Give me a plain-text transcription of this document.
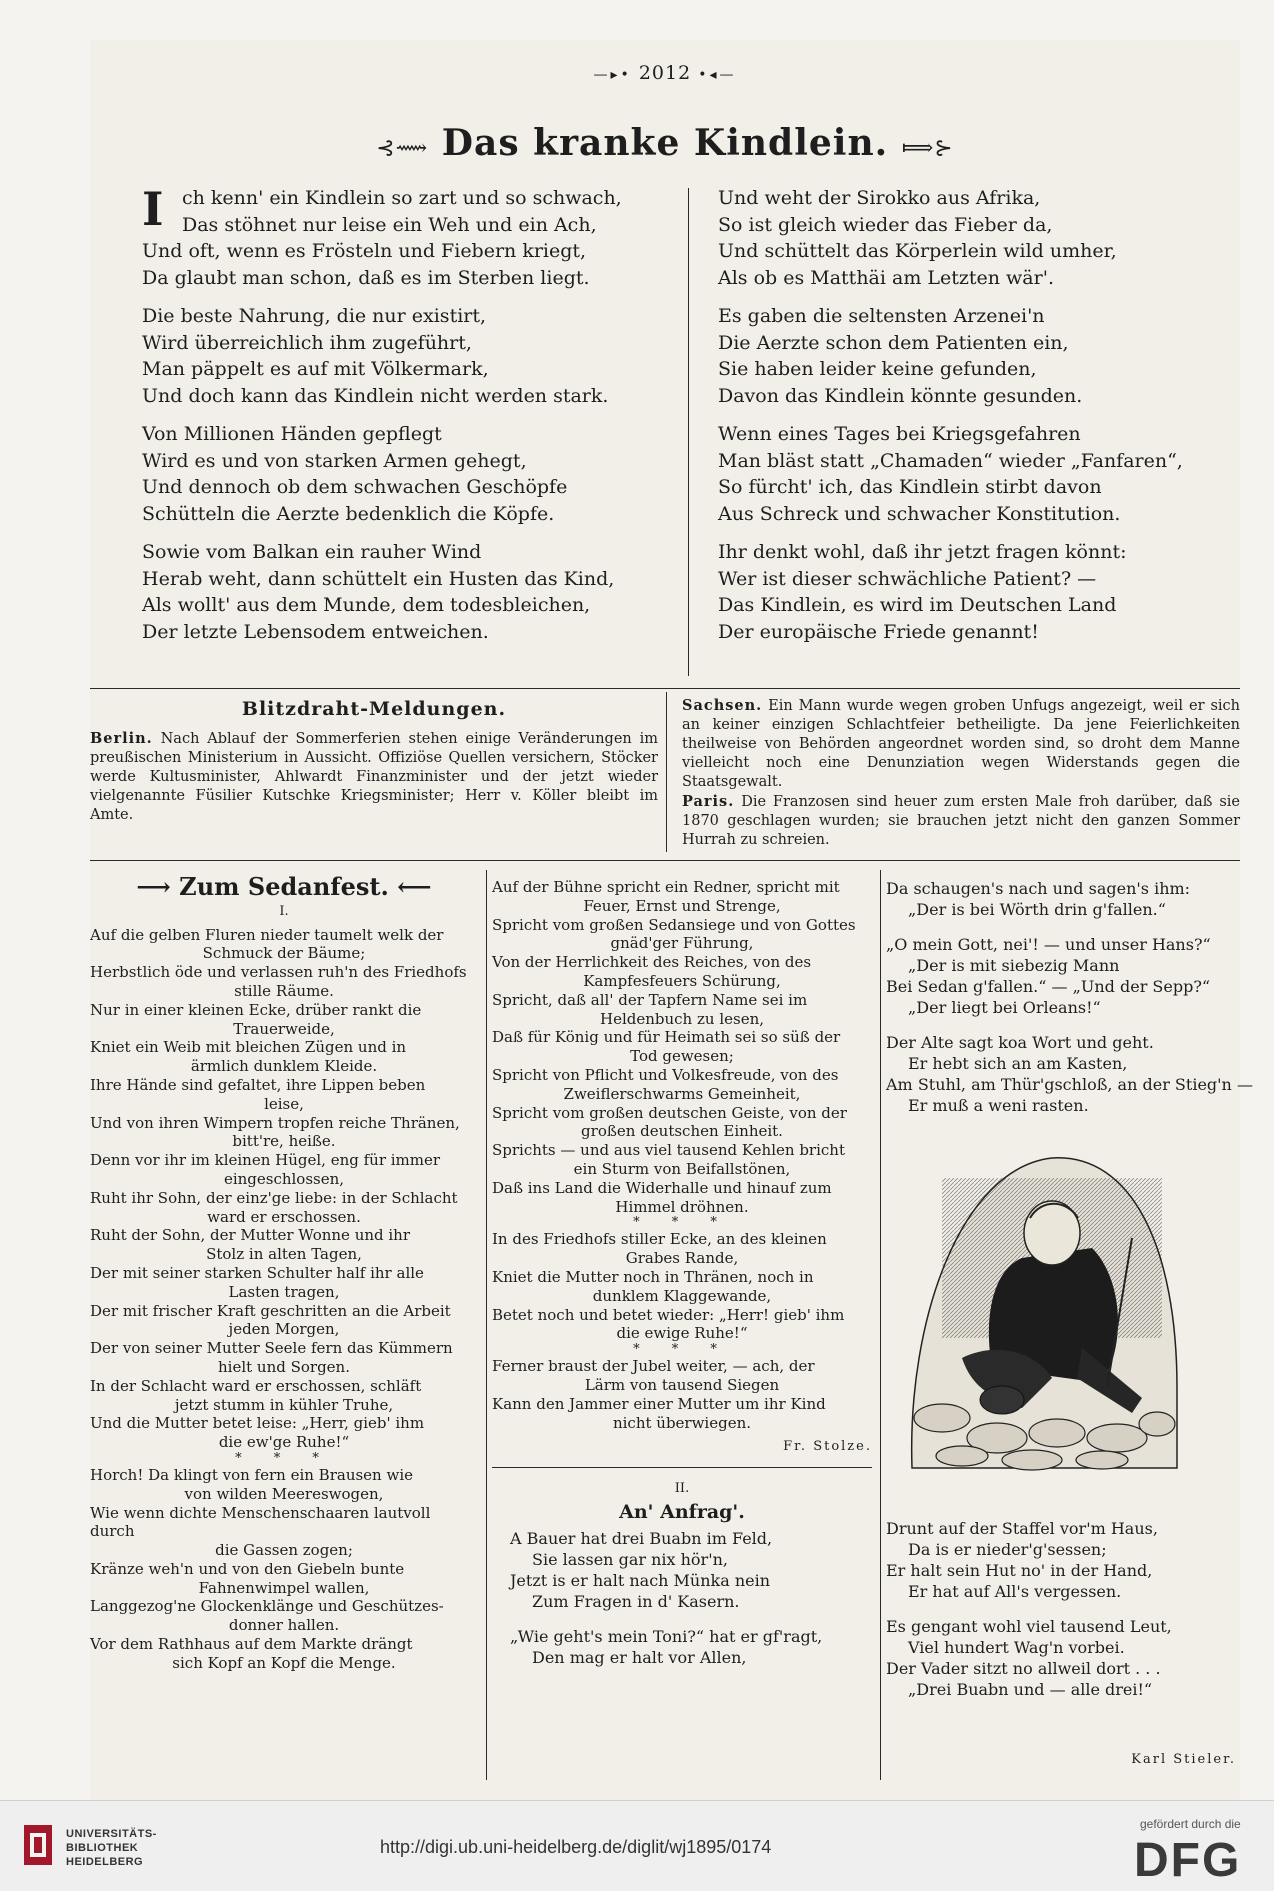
—▸• 2012 •◂—
⊰⟿ Das kranke Kindlein. ⟾⊱
I ch kenn' ein Kindlein so zart und so schwach,
Das stöhnet nur leise ein Weh und ein Ach,
Und oft, wenn es Frösteln und Fiebern kriegt,
Da glaubt man schon, daß es im Sterben liegt.
Die beste Nahrung, die nur existirt,
Wird überreichlich ihm zugeführt,
Man päppelt es auf mit Völkermark,
Und doch kann das Kindlein nicht werden stark.
Von Millionen Händen gepflegt
Wird es und von starken Armen gehegt,
Und dennoch ob dem schwachen Geschöpfe
Schütteln die Aerzte bedenklich die Köpfe.
Sowie vom Balkan ein rauher Wind
Herab weht, dann schüttelt ein Husten das Kind,
Als wollt' aus dem Munde, dem todesbleichen,
Der letzte Lebensodem entweichen.
Und weht der Sirokko aus Afrika,
So ist gleich wieder das Fieber da,
Und schüttelt das Körperlein wild umher,
Als ob es Matthäi am Letzten wär'.
Es gaben die seltensten Arzenei'n
Die Aerzte schon dem Patienten ein,
Sie haben leider keine gefunden,
Davon das Kindlein könnte gesunden.
Wenn eines Tages bei Kriegsgefahren
Man bläst statt „Chamaden“ wieder „Fanfaren“,
So fürcht' ich, das Kindlein stirbt davon
Aus Schreck und schwacher Konstitution.
Ihr denkt wohl, daß ihr jetzt fragen könnt:
Wer ist dieser schwächliche Patient? —
Das Kindlein, es wird im Deutschen Land
Der europäische Friede genannt!
Blitzdraht-Meldungen.
Berlin. Nach Ablauf der Sommerferien stehen einige Veränderungen im preußischen Ministerium in Aussicht. Offiziöse Quellen versichern, Stöcker werde Kultusminister, Ahlwardt Finanzminister und der jetzt wieder vielgenannte Füsilier Kutschke Kriegsminister; Herr v. Köller bleibt im Amte.
Sachsen. Ein Mann wurde wegen groben Unfugs angezeigt, weil er sich an keiner einzigen Schlachtfeier betheiligte. Da jene Feierlichkeiten theilweise von Behörden angeordnet worden sind, so droht dem Manne vielleicht noch eine Denunziation wegen Widerstands gegen die Staatsgewalt.
Paris. Die Franzosen sind heuer zum ersten Male froh darüber, daß sie 1870 geschlagen wurden; sie brauchen jetzt nicht den ganzen Sommer Hurrah zu schreien.
⟶ Zum Sedanfest. ⟵
I.
Auf die gelben Fluren nieder taumelt welk der
Schmuck der Bäume;
Herbstlich öde und verlassen ruh'n des Friedhofs
stille Räume.
Nur in einer kleinen Ecke, drüber rankt die
Trauerweide,
Kniet ein Weib mit bleichen Zügen und in
ärmlich dunklem Kleide.
Ihre Hände sind gefaltet, ihre Lippen beben
leise,
Und von ihren Wimpern tropfen reiche Thränen,
bitt're, heiße.
Denn vor ihr im kleinen Hügel, eng für immer
eingeschlossen,
Ruht ihr Sohn, der einz'ge liebe: in der Schlacht
ward er erschossen.
Ruht der Sohn, der Mutter Wonne und ihr
Stolz in alten Tagen,
Der mit seiner starken Schulter half ihr alle
Lasten tragen,
Der mit frischer Kraft geschritten an die Arbeit
jeden Morgen,
Der von seiner Mutter Seele fern das Kümmern
hielt und Sorgen.
In der Schlacht ward er erschossen, schläft
jetzt stumm in kühler Truhe,
Und die Mutter betet leise: „Herr, gieb' ihm
die ew'ge Ruhe!“
* * *
Horch! Da klingt von fern ein Brausen wie
von wilden Meereswogen,
Wie wenn dichte Menschenschaaren lautvoll durch
die Gassen zogen;
Kränze weh'n und von den Giebeln bunte
Fahnenwimpel wallen,
Langgezog'ne Glockenklänge und Geschützes-
donner hallen.
Vor dem Rathhaus auf dem Markte drängt
sich Kopf an Kopf die Menge.
Auf der Bühne spricht ein Redner, spricht mit
Feuer, Ernst und Strenge,
Spricht vom großen Sedansiege und von Gottes
gnäd'ger Führung,
Von der Herrlichkeit des Reiches, von des
Kampfesfeuers Schürung,
Spricht, daß all' der Tapfern Name sei im
Heldenbuch zu lesen,
Daß für König und für Heimath sei so süß der
Tod gewesen;
Spricht von Pflicht und Volkesfreude, von des
Zweiflerschwarms Gemeinheit,
Spricht vom großen deutschen Geiste, von der
großen deutschen Einheit.
Sprichts — und aus viel tausend Kehlen bricht
ein Sturm von Beifallstönen,
Daß ins Land die Widerhalle und hinauf zum
Himmel dröhnen.
* * *
In des Friedhofs stiller Ecke, an des kleinen
Grabes Rande,
Kniet die Mutter noch in Thränen, noch in
dunklem Klaggewande,
Betet noch und betet wieder: „Herr! gieb' ihm
die ewige Ruhe!“
* * *
Ferner braust der Jubel weiter, — ach, der
Lärm von tausend Siegen
Kann den Jammer einer Mutter um ihr Kind
nicht überwiegen.
Fr. Stolze.
II.
An' Anfrag'.
A Bauer hat drei Buabn im Feld,
Sie lassen gar nix hör'n,
Jetzt is er halt nach Münka nein
Zum Fragen in d' Kasern.
„Wie geht's mein Toni?“ hat er gf'ragt,
Den mag er halt vor Allen,
Da schaugen's nach und sagen's ihm:
„Der is bei Wörth drin g'fallen.“
„O mein Gott, nei'! — und unser Hans?“
„Der is mit siebezig Mann
Bei Sedan g'fallen.“ — „Und der Sepp?“
„Der liegt bei Orleans!“
Der Alte sagt koa Wort und geht.
Er hebt sich an am Kasten,
Am Stuhl, am Thür'gschloß, an der Stieg'n —
Er muß a weni rasten.
Drunt auf der Staffel vor'm Haus,
Da is er nieder'g'sessen;
Er halt sein Hut no' in der Hand,
Er hat auf All's vergessen.
Es gengant wohl viel tausend Leut,
Viel hundert Wag'n vorbei.
Der Vader sitzt no allweil dort . . .
„Drei Buabn und — alle drei!“
Karl Stieler.
UNIVERSITÄTS-
BIBLIOTHEK
HEIDELBERG
http://digi.ub.uni-heidelberg.de/diglit/wj1895/0174
gefördert durch die
DFG
